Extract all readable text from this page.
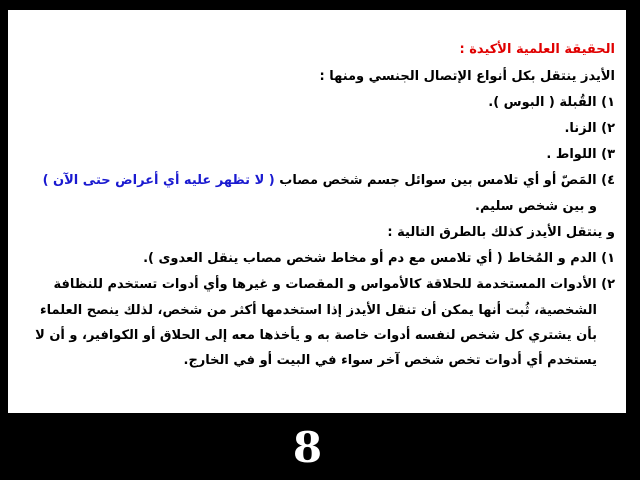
الحقيقة العلمية الأكيدة :

الأيدز ينتقل بكل أنواع الإتصال الجنسي ومنها :

١) القُبلة ( البوس ).

٢) الزنا.

٣) اللواط .

٤) المَصّ أو أي تلامس بين سوائل جسم شخص مصاب ( لا تظهر عليه أي أعراض حتى الآن )

و بين شخص سليم.

و ينتقل الأيدز كذلك بالطرق التالية :

١) الدم و المُخاط ( أي تلامس مع دم أو مخاط شخص مصاب ينقل العدوى ).

٢) الأدوات المستخدمة للحلاقة كالأمواس و المقصات و غيرها وأي أدوات تستخدم للنظافة

الشخصية، ثُبت أنها يمكن أن تنقل الأيدز إذا استخدمها أكثر من شخص، لذلك ينصح العلماء

بأن يشتري كل شخص لنفسه أدوات خاصة به و يأخذها معه إلى الحلاق أو الكوافير، و أن لا

يستخدم أي أدوات تخص شخص آخر سواء في البيت أو في الخارج.

8
